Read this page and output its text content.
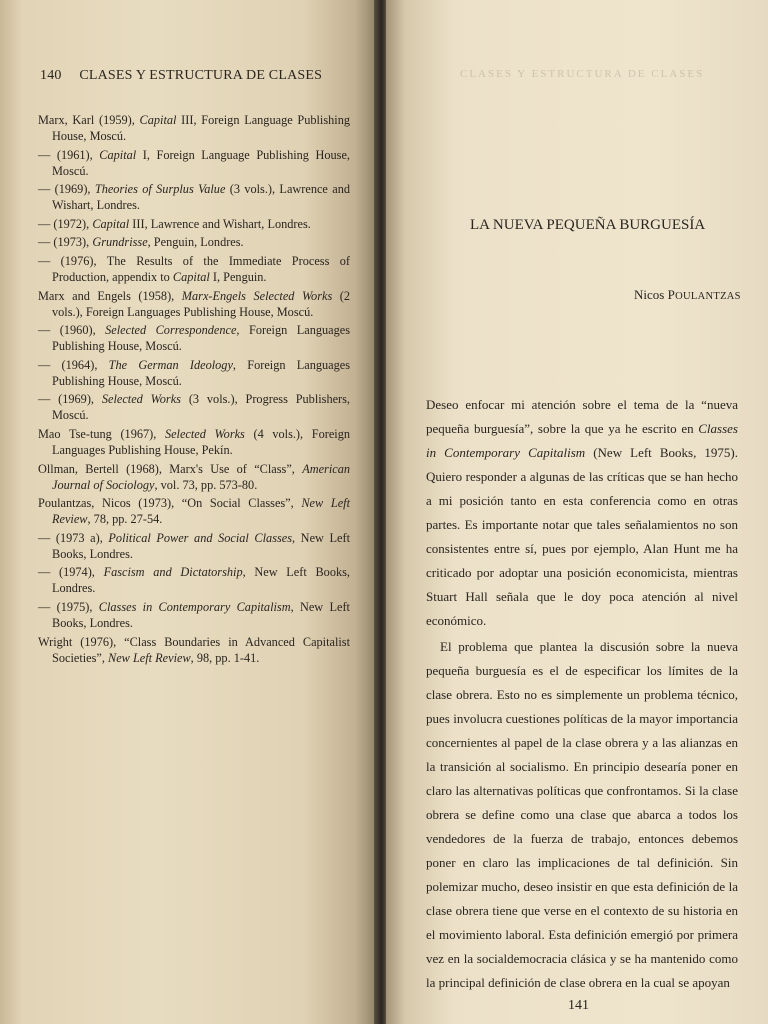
140 CLASES Y ESTRUCTURA DE CLASES
Marx, Karl (1959), Capital III, Foreign Language Publishing House, Moscú.
— (1961), Capital I, Foreign Language Publishing House, Moscú.
— (1969), Theories of Surplus Value (3 vols.), Lawrence and Wishart, Londres.
— (1972), Capital III, Lawrence and Wishart, Londres.
— (1973), Grundrisse, Penguin, Londres.
— (1976), The Results of the Immediate Process of Production, appendix to Capital I, Penguin.
Marx and Engels (1958), Marx-Engels Selected Works (2 vols.), Foreign Languages Publishing House, Moscú.
— (1960), Selected Correspondence, Foreign Languages Publishing House, Moscú.
— (1964), The German Ideology, Foreign Languages Publishing House, Moscú.
— (1969), Selected Works (3 vols.), Progress Publishers, Moscú.
Mao Tse-tung (1967), Selected Works (4 vols.), Foreign Languages Publishing House, Pekín.
Ollman, Bertell (1968), Marx's Use of “Class”, American Journal of Sociology, vol. 73, pp. 573-80.
Poulantzas, Nicos (1973), “On Social Classes”, New Left Review, 78, pp. 27-54.
— (1973 a), Political Power and Social Classes, New Left Books, Londres.
— (1974), Fascism and Dictatorship, New Left Books, Londres.
— (1975), Classes in Contemporary Capitalism, New Left Books, Londres.
Wright (1976), “Class Boundaries in Advanced Capitalist Societies”, New Left Review, 98, pp. 1-41.
CLASES Y ESTRUCTURA DE CLASES
LA NUEVA PEQUEÑA BURGUESÍA
Nicos POULANTZAS

Deseo enfocar mi atención sobre el tema de la “nueva pequeña burguesía”, sobre la que ya he escrito en Classes in Contemporary Capitalism (New Left Books, 1975). Quiero responder a algunas de las críticas que se han hecho a mi posición tanto en esta conferencia como en otras partes. Es importante notar que tales señalamientos no son consistentes entre sí, pues por ejemplo, Alan Hunt me ha criticado por adoptar una posición economicista, mientras Stuart Hall señala que le doy poca atención al nivel económico.

El problema que plantea la discusión sobre la nueva pequeña burguesía es el de especificar los límites de la clase obrera. Esto no es simplemente un problema técnico, pues involucra cuestiones políticas de la mayor importancia concernientes al papel de la clase obrera y a las alianzas en la transición al socialismo. En principio desearía poner en claro las alternativas políticas que confrontamos. Si la clase obrera se define como una clase que abarca a todos los vendedores de la fuerza de trabajo, entonces debemos poner en claro las implicaciones de tal definición. Sin polemizar mucho, deseo insistir en que esta definición de la clase obrera tiene que verse en el contexto de su historia en el movimiento laboral. Esta definición emergió por primera vez en la socialdemocracia clásica y se ha mantenido como la principal definición de clase obrera en la cual se apoyan

141
